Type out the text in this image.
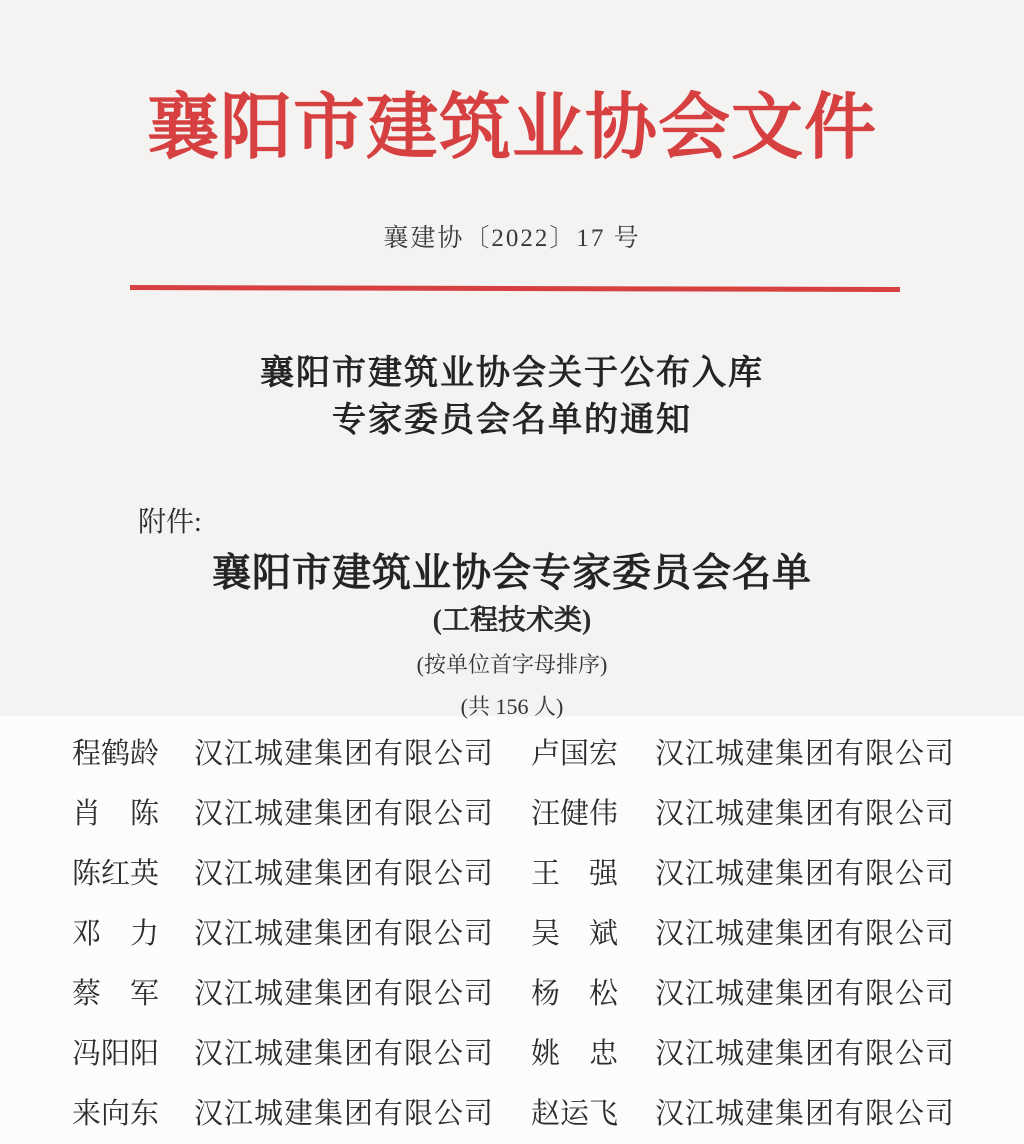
襄阳市建筑业协会文件
襄建协〔2022〕17 号
襄阳市建筑业协会关于公布入库
专家委员会名单的通知
附件:
襄阳市建筑业协会专家委员会名单
(工程技术类)
(按单位首字母排序)
(共 156 人)
程鹤龄 汉江城建集团有限公司 卢国宏 汉江城建集团有限公司
肖　陈 汉江城建集团有限公司 汪健伟 汉江城建集团有限公司
陈红英 汉江城建集团有限公司 王　强 汉江城建集团有限公司
邓　力 汉江城建集团有限公司 吴　斌 汉江城建集团有限公司
蔡　军 汉江城建集团有限公司 杨　松 汉江城建集团有限公司
冯阳阳 汉江城建集团有限公司 姚　忠 汉江城建集团有限公司
来向东 汉江城建集团有限公司 赵运飞 汉江城建集团有限公司
